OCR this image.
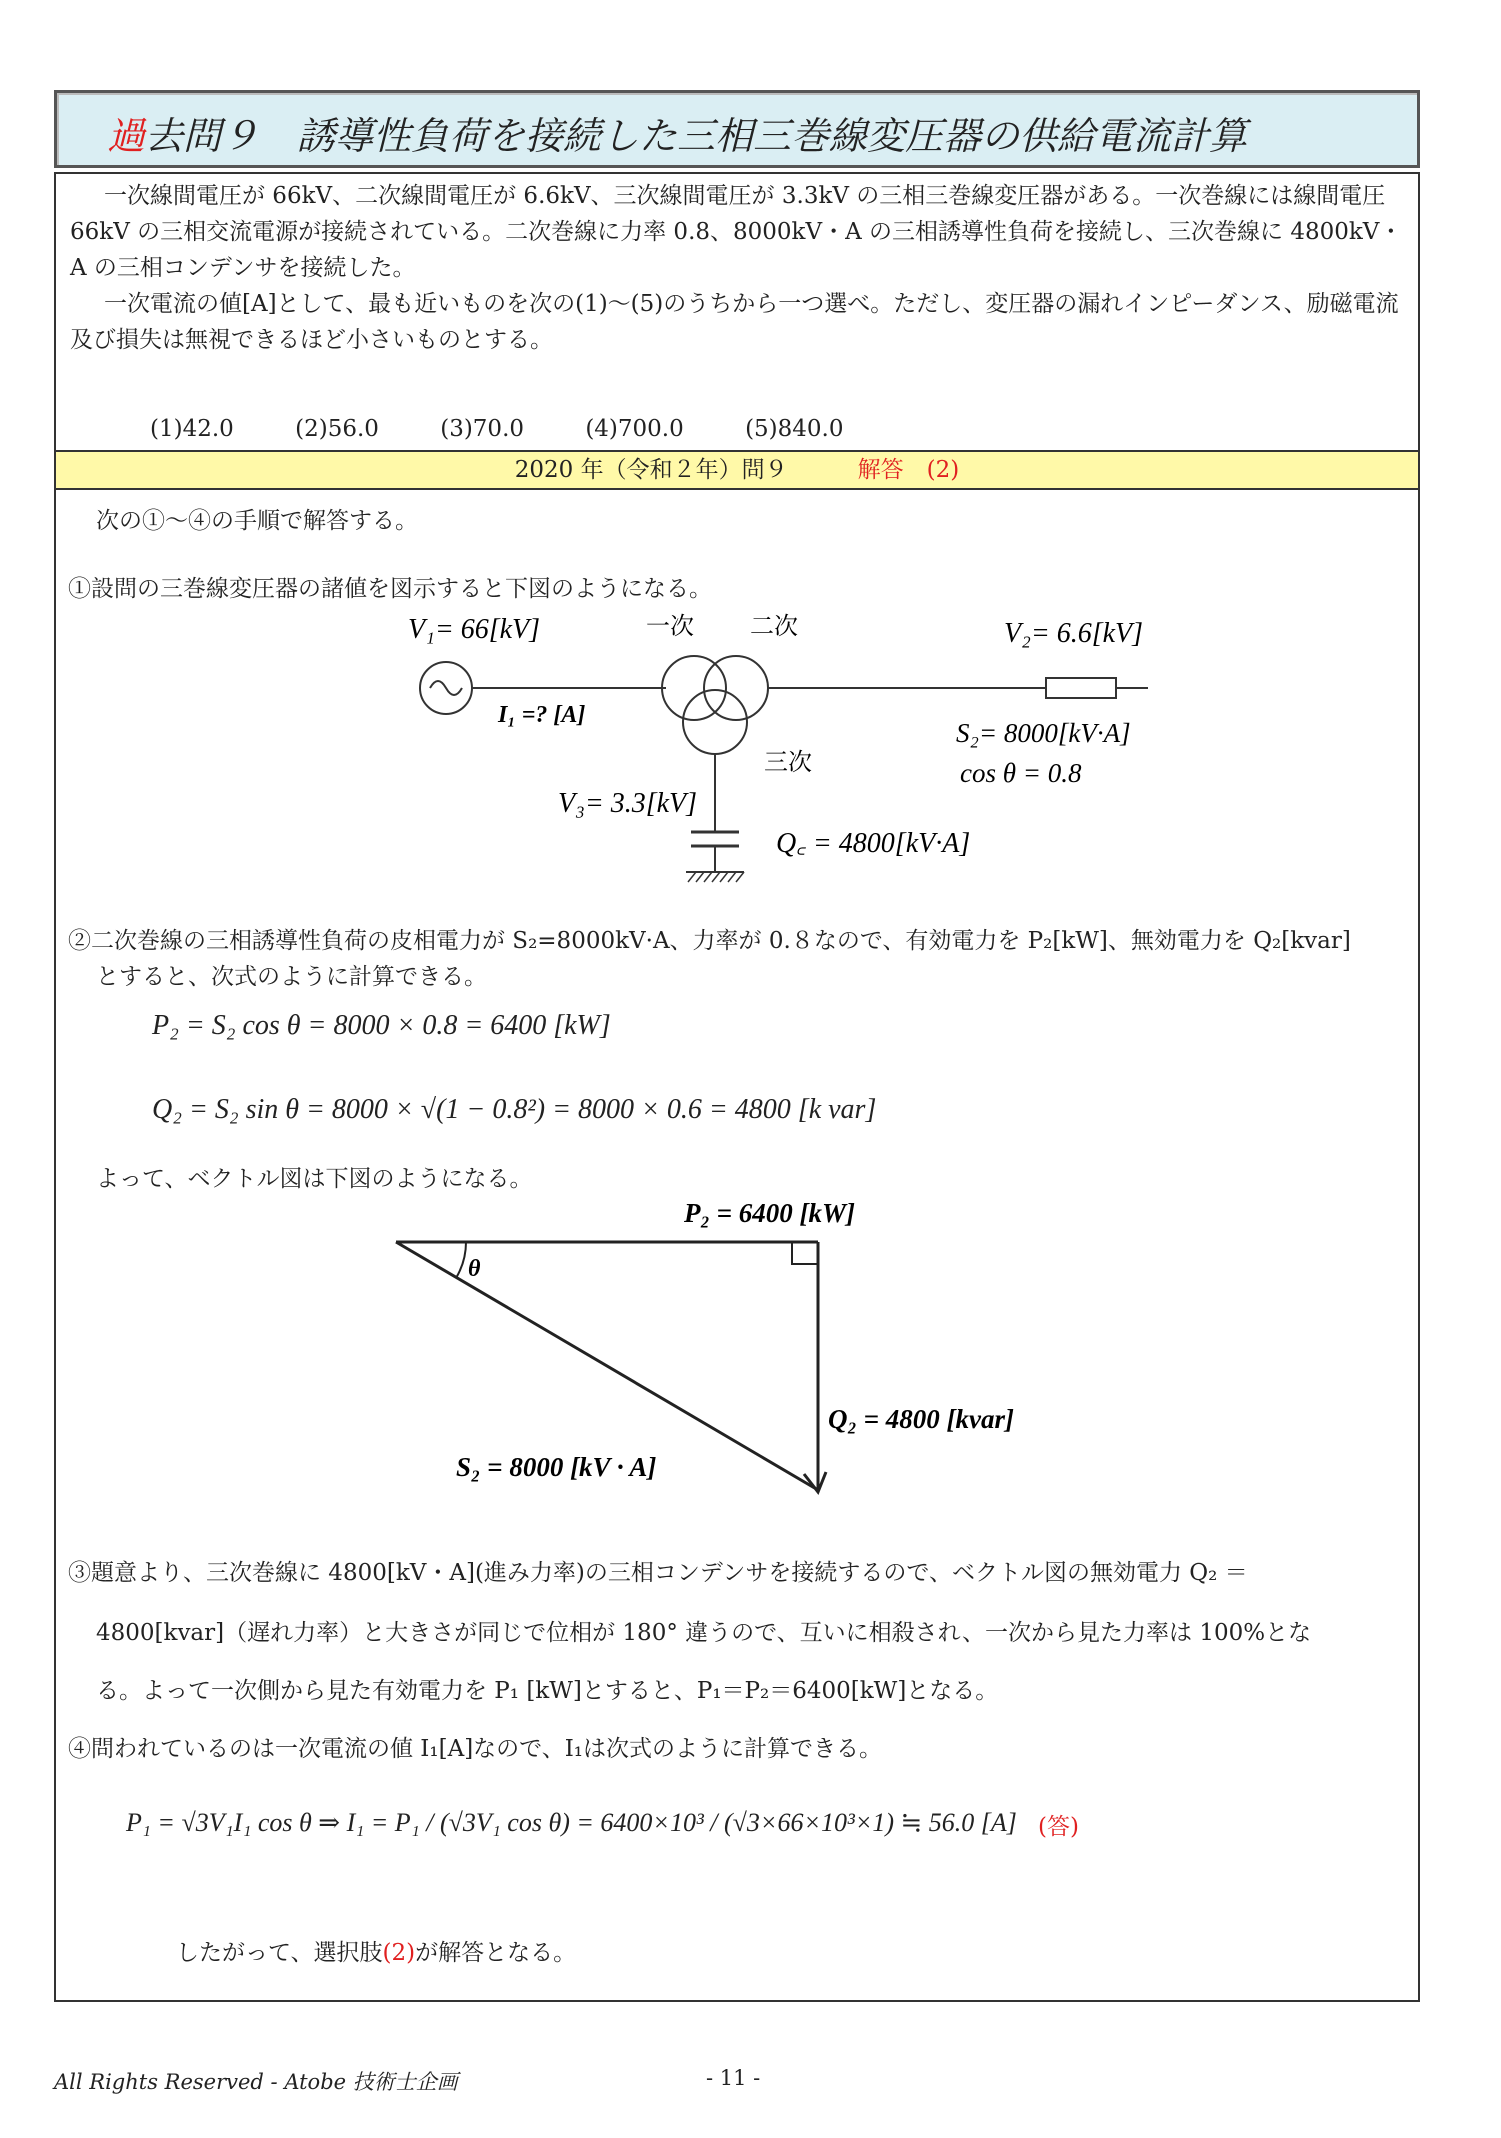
過去問９　誘導性負荷を接続した三相三巻線変圧器の供給電流計算
一次線間電圧が 66kV、二次線間電圧が 6.6kV、三次線間電圧が 3.3kV の三相三巻線変圧器がある。一次巻線には線間電圧 66kV の三相交流電源が接続されている。二次巻線に力率 0.8、8000kV・A の三相誘導性負荷を接続し、三次巻線に 4800kV・A の三相コンデンサを接続した。
一次電流の値[A]として、最も近いものを次の(1)～(5)のうちから一つ選べ。ただし、変圧器の漏れインピーダンス、励磁電流及び損失は無視できるほど小さいものとする。
(1)42.0	(2)56.0	(3)70.0	(4)700.0	(5)840.0
2020 年（令和２年）問９	解答　(2)
次の①～④の手順で解答する。
①設問の三巻線変圧器の諸値を図示すると下図のようになる。
V₁= 66[kV]	一次 二次	V₂= 6.6[kV]
I₁ =? [A]
S₂= 8000[kV·A]
cos θ = 0.8
三次
V₃= 3.3[kV]
Q꜀ = 4800[kV·A]
②二次巻線の三相誘導性負荷の皮相電力が S₂=8000kV·A、力率が 0.８なので、有効電力を P₂[kW]、無効電力を Q₂[kvar]
とすると、次式のように計算できる。
P₂ = S₂ cos θ = 8000 × 0.8 = 6400 [kW]
Q₂ = S₂ sin θ = 8000 × √(1 − 0.8²) = 8000 × 0.6 = 4800 [k var]
よって、ベクトル図は下図のようになる。
θ
P₂ = 6400 [kW]
Q₂ = 4800 [kvar]
S₂ = 8000 [kV · A]
③題意より、三次巻線に 4800[kV・A](進み力率)の三相コンデンサを接続するので、ベクトル図の無効電力 Q₂ ＝
4800[kvar]（遅れ力率）と大きさが同じで位相が 180° 違うので、互いに相殺され、一次から見た力率は 100%とな
る。よって一次側から見た有効電力を P₁ [kW]とすると、P₁＝P₂＝6400[kW]となる。
④問われているのは一次電流の値 I₁[A]なので、I₁は次式のように計算できる。
P₁ = √3V₁I₁ cos θ ⇒ I₁ = P₁ / (√3V₁ cos θ) = 6400×10³ / (√3×66×10³×1) ≒ 56.0 [A] (答)
したがって、選択肢(2)が解答となる。
All Rights Reserved - Atobe 技術士企画	- 11 -
